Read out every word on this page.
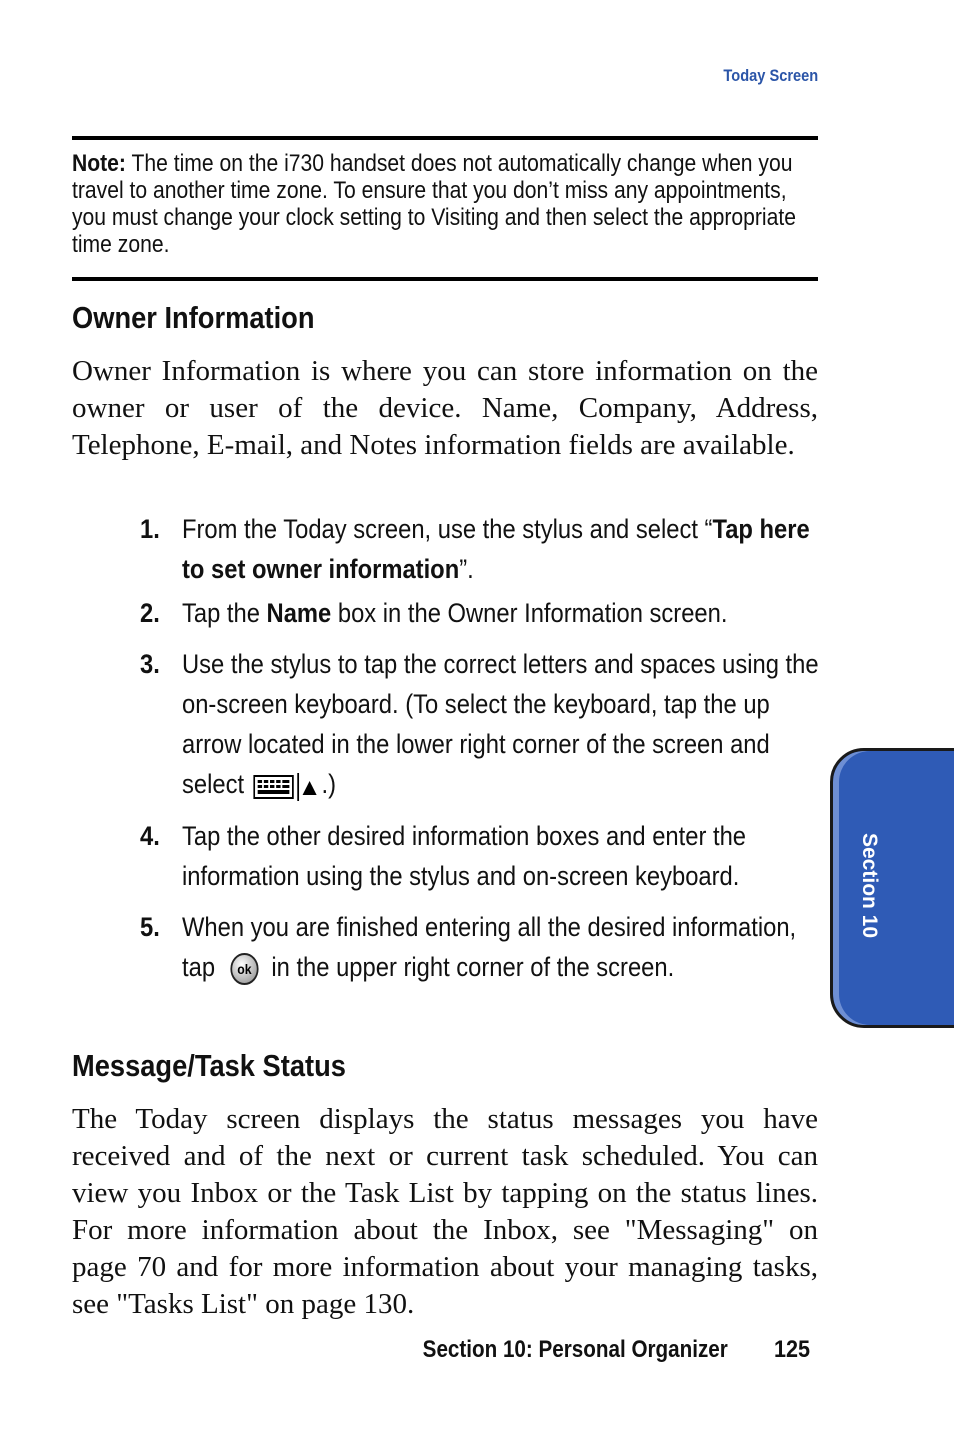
Today Screen
Note: The time on the i730 handset does not automatically change when you travel to another time zone. To ensure that you don’t miss any appointments, you must change your clock setting to Visiting and then select the appropriate time zone.
Owner Information
Owner Information is where you can store information on the owner or user of the device. Name, Company, Address, Telephone, E-mail, and Notes information fields are available.
1. From the Today screen, use the stylus and select “Tap here to set owner information”.
2. Tap the Name box in the Owner Information screen.
3. Use the stylus to tap the correct letters and spaces using the on-screen keyboard. (To select the keyboard, tap the up arrow located in the lower right corner of the screen and select	.)
4. Tap the other desired information boxes and enter the information using the stylus and on-screen keyboard.
5. When you are finished entering all the desired information, tap ok in the upper right corner of the screen.
Message/Task Status
The Today screen displays the status messages you have received and of the next or current task scheduled. You can view you Inbox or the Task List by tapping on the status lines. For more information about the Inbox, see "Messaging" on page 70 and for more information about your managing tasks, see "Tasks List" on page 130.
Section 10
Section 10: Personal Organizer 125
